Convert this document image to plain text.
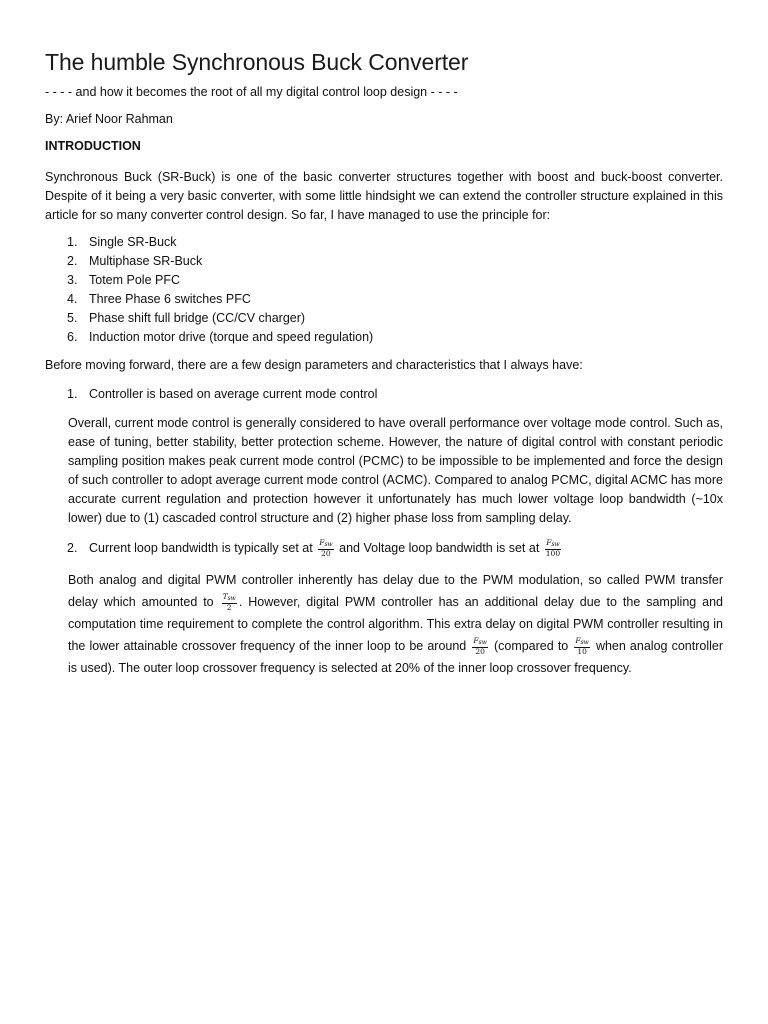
The humble Synchronous Buck Converter
- - - - and how it becomes the root of all my digital control loop design - - - -
By: Arief Noor Rahman
INTRODUCTION

Synchronous Buck (SR-Buck) is one of the basic converter structures together with boost and buck-boost converter. Despite of it being a very basic converter, with some little hindsight we can extend the controller structure explained in this article for so many converter control design. So far, I have managed to use the principle for:

1. Single SR-Buck
2. Multiphase SR-Buck
3. Totem Pole PFC
4. Three Phase 6 switches PFC
5. Phase shift full bridge (CC/CV charger)
6. Induction motor drive (torque and speed regulation)

Before moving forward, there are a few design parameters and characteristics that I always have:

1. Controller is based on average current mode control

Overall, current mode control is generally considered to have overall performance over voltage mode control. Such as, ease of tuning, better stability, better protection scheme. However, the nature of digital control with constant periodic sampling position makes peak current mode control (PCMC) to be impossible to be implemented and force the design of such controller to adopt average current mode control (ACMC). Compared to analog PCMC, digital ACMC has more accurate current regulation and protection however it unfortunately has much lower voltage loop bandwidth (~10x lower) due to (1) cascaded control structure and (2) higher phase loss from sampling delay.

2. Current loop bandwidth is typically set at $\frac{F_{sw}}{20}$ and Voltage loop bandwidth is set at $\frac{F_{sw}}{100}$

Both analog and digital PWM controller inherently has delay due to the PWM modulation, so called PWM transfer delay which amounted to $\frac{T_{sw}}{2}$ . However, digital PWM controller has an additional delay due to the sampling and computation time requirement to complete the control algorithm. This extra delay on digital PWM controller resulting in the lower attainable crossover frequency of the inner loop to be around $\frac{F_{sw}}{20}$ (compared to $\frac{F_{sw}}{10}$ when analog controller is used). The outer loop crossover frequency is selected at 20% of the inner loop crossover frequency.
